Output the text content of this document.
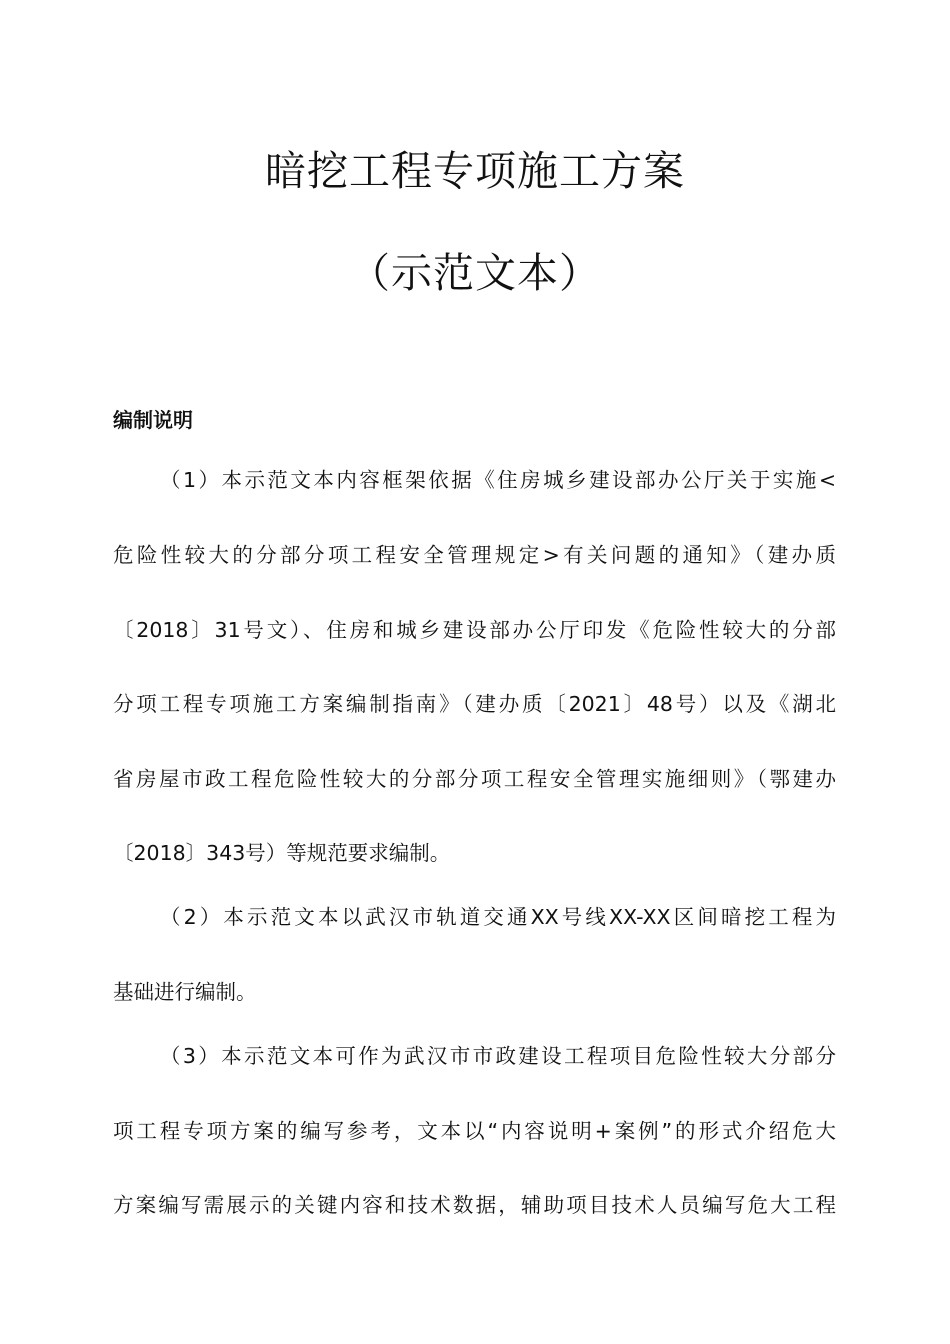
暗挖工程专项施工方案
（示范文本）
编制说明
（1）本示范文本内容框架依据《住房城乡建设部办公厅关于实施<
危险性较大的分部分项工程安全管理规定>有关问题的通知》（建办质
〔2018〕31号文）、住房和城乡建设部办公厅印发《危险性较大的分部
分项工程专项施工方案编制指南》（建办质〔2021〕48号）以及《湖北
省房屋市政工程危险性较大的分部分项工程安全管理实施细则》（鄂建办
〔2018〕343号）等规范要求编制。
（2）本示范文本以武汉市轨道交通XX号线XX-XX区间暗挖工程为
基础进行编制。
（3）本示范文本可作为武汉市市政建设工程项目危险性较大分部分
项工程专项方案的编写参考，文本以“内容说明+案例”的形式介绍危大
方案编写需展示的关键内容和技术数据，辅助项目技术人员编写危大工程
